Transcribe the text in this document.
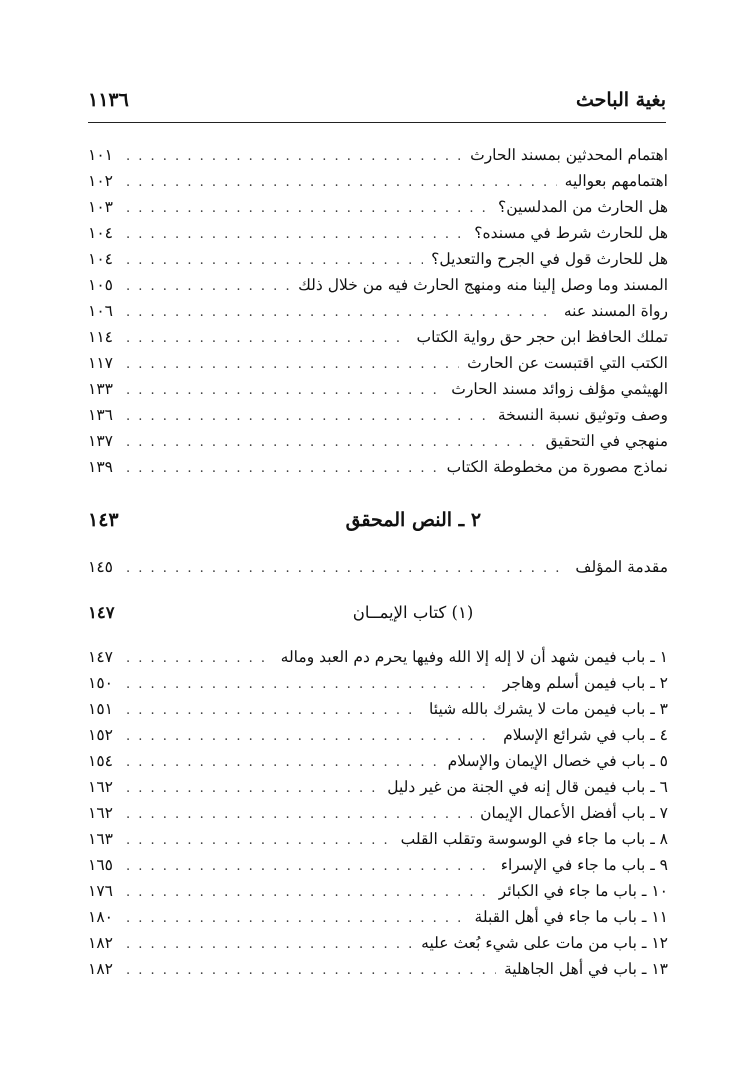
بغية الباحث
١١٣٦
اهتمام المحدثين بمسند الحارث
. . .
١٠١
اهتمامهم بعواليه
. . .
١٠٢
هل الحارث من المدلسين؟
. . .
١٠٣
هل للحارث شرط في مسنده؟
. . .
١٠٤
هل للحارث قول في الجرح والتعديل؟
. . .
١٠٤
المسند وما وصل إلينا منه ومنهج الحارث فيه من خلال ذلك
. . .
١٠٥
رواة المسند عنه
. . .
١٠٦
تملك الحافظ ابن حجر حق رواية الكتاب
. . .
١١٤
الكتب التي اقتبست عن الحارث
. . .
١١٧
الهيثمي مؤلف زوائد مسند الحارث
. . .
١٣٣
وصف وتوثيق نسبة النسخة
. . .
١٣٦
منهجي في التحقيق
. . .
١٣٧
نماذج مصورة من مخطوطة الكتاب
. . .
١٣٩
٢ ـ النص المحقق
١٤٣
مقدمة المؤلف
. . .
١٤٥
(١) كتاب الإيمــان
١٤٧
١ ـ باب فيمن شهد أن لا إله إلا الله وفيها يحرم دم العبد وماله
. . .
١٤٧
٢ ـ باب فيمن أسلم وهاجر
. . .
١٥٠
٣ ـ باب فيمن مات لا يشرك بالله شيئا
. . .
١٥١
٤ ـ باب في شرائع الإسلام
. . .
١٥٢
٥ ـ باب في خصال الإيمان والإسلام
. . .
١٥٤
٦ ـ باب فيمن قال إنه في الجنة من غير دليل
. . .
١٦٢
٧ ـ باب أفضل الأعمال الإيمان
. . .
١٦٢
٨ ـ باب ما جاء في الوسوسة وتقلب القلب
. . .
١٦٣
٩ ـ باب ما جاء في الإسراء
. . .
١٦٥
١٠ ـ باب ما جاء في الكبائر
. . .
١٧٦
١١ ـ باب ما جاء في أهل القبلة
. . .
١٨٠
١٢ ـ باب من مات على شيء بُعث عليه
. . .
١٨٢
١٣ ـ باب في أهل الجاهلية
. . .
١٨٢
